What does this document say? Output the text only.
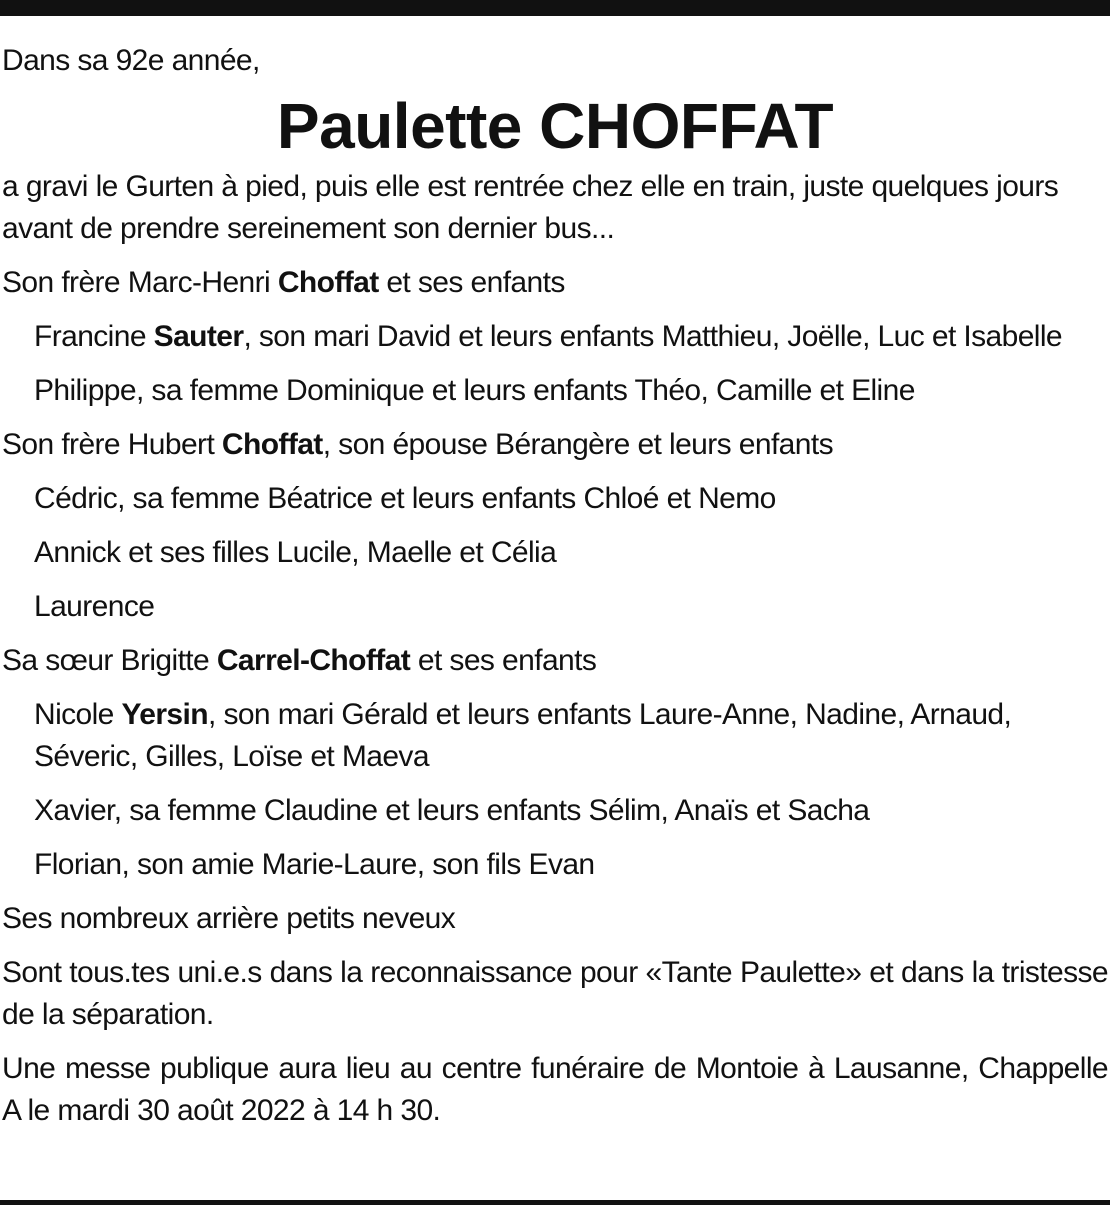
Dans sa 92e année,

Paulette CHOFFAT

a gravi le Gurten à pied, puis elle est rentrée chez elle en train, juste quelques jours avant de prendre sereinement son dernier bus...

Son frère Marc-Henri Choffat et ses enfants

Francine Sauter, son mari David et leurs enfants Matthieu, Joëlle, Luc et Isabelle

Philippe, sa femme Dominique et leurs enfants Théo, Camille et Eline

Son frère Hubert Choffat, son épouse Bérangère et leurs enfants

Cédric, sa femme Béatrice et leurs enfants Chloé et Nemo

Annick et ses filles Lucile, Maelle et Célia

Laurence

Sa sœur Brigitte Carrel-Choffat et ses enfants

Nicole Yersin, son mari Gérald et leurs enfants Laure-Anne, Nadine, Arnaud, Séveric, Gilles, Loïse et Maeva

Xavier, sa femme Claudine et leurs enfants Sélim, Anaïs et Sacha

Florian, son amie Marie-Laure, son fils Evan

Ses nombreux arrière petits neveux

Sont tous.tes uni.e.s dans la reconnaissance pour «Tante Paulette» et dans la tristesse de la séparation.

Une messe publique aura lieu au centre funéraire de Montoie à Lausanne, Chappelle A le mardi 30 août 2022 à 14 h 30.
